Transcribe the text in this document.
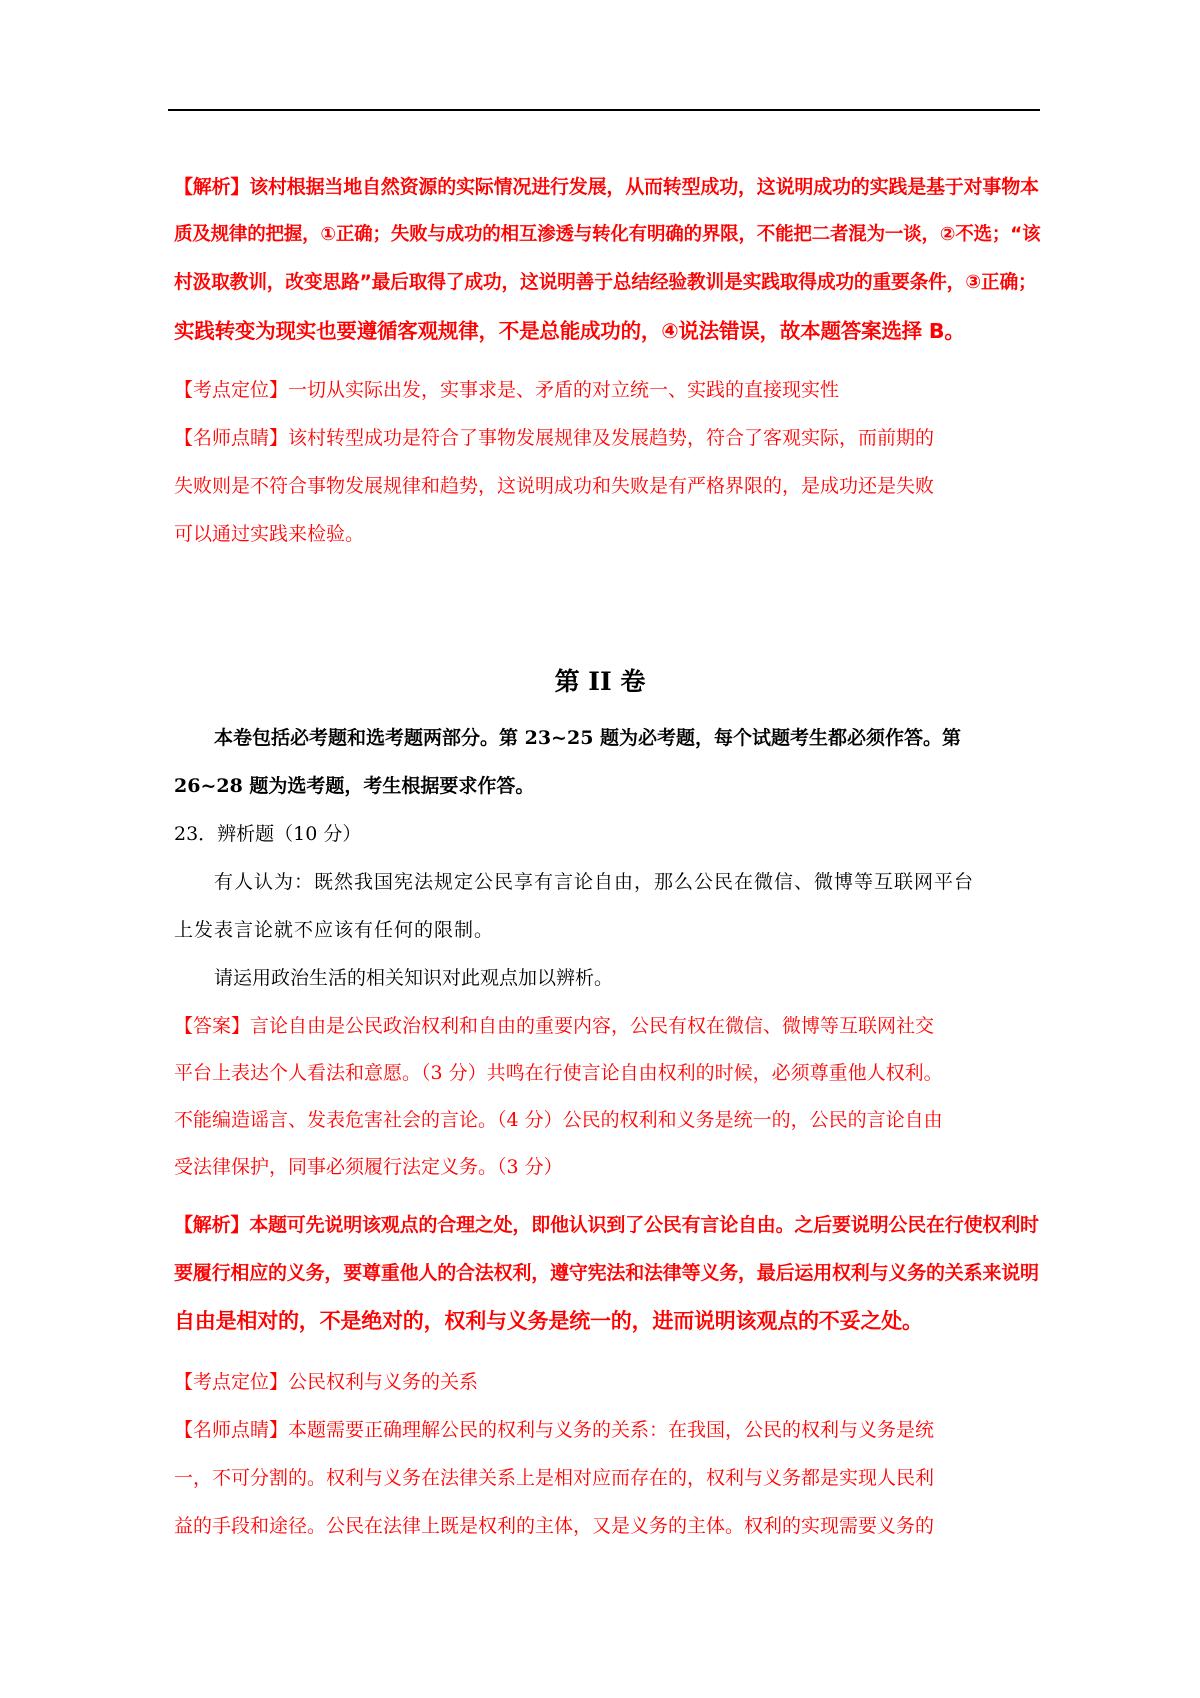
【解析】该村根据当地自然资源的实际情况进行发展，从而转型成功，这说明成功的实践是基于对事物本

质及规律的把握，①正确；失败与成功的相互渗透与转化有明确的界限，不能把二者混为一谈，②不选；“该

村汲取教训，改变思路”最后取得了成功，这说明善于总结经验教训是实践取得成功的重要条件，③正确；

实践转变为现实也要遵循客观规律，不是总能成功的，④说法错误，故本题答案选择 B。

【考点定位】一切从实际出发，实事求是、矛盾的对立统一、实践的直接现实性

【名师点睛】该村转型成功是符合了事物发展规律及发展趋势，符合了客观实际，而前期的

失败则是不符合事物发展规律和趋势，这说明成功和失败是有严格界限的，是成功还是失败

可以通过实践来检验。

第 II 卷

本卷包括必考题和选考题两部分。第 23~25 题为必考题，每个试题考生都必须作答。第

26~28 题为选考题，考生根据要求作答。

23．辨析题（10 分）

有人认为：既然我国宪法规定公民享有言论自由，那么公民在微信、微博等互联网平台

上发表言论就不应该有任何的限制。

请运用政治生活的相关知识对此观点加以辨析。

【答案】言论自由是公民政治权利和自由的重要内容，公民有权在微信、微博等互联网社交

平台上表达个人看法和意愿。（3 分）共鸣在行使言论自由权利的时候，必须尊重他人权利。

不能编造谣言、发表危害社会的言论。（4 分）公民的权利和义务是统一的，公民的言论自由

受法律保护，同事必须履行法定义务。（3 分）

【解析】本题可先说明该观点的合理之处，即他认识到了公民有言论自由。之后要说明公民在行使权利时

要履行相应的义务，要尊重他人的合法权利，遵守宪法和法律等义务，最后运用权利与义务的关系来说明

自由是相对的，不是绝对的，权利与义务是统一的，进而说明该观点的不妥之处。

【考点定位】公民权利与义务的关系

【名师点睛】本题需要正确理解公民的权利与义务的关系：在我国，公民的权利与义务是统

一，不可分割的。权利与义务在法律关系上是相对应而存在的，权利与义务都是实现人民利

益的手段和途径。公民在法律上既是权利的主体，又是义务的主体。权利的实现需要义务的
